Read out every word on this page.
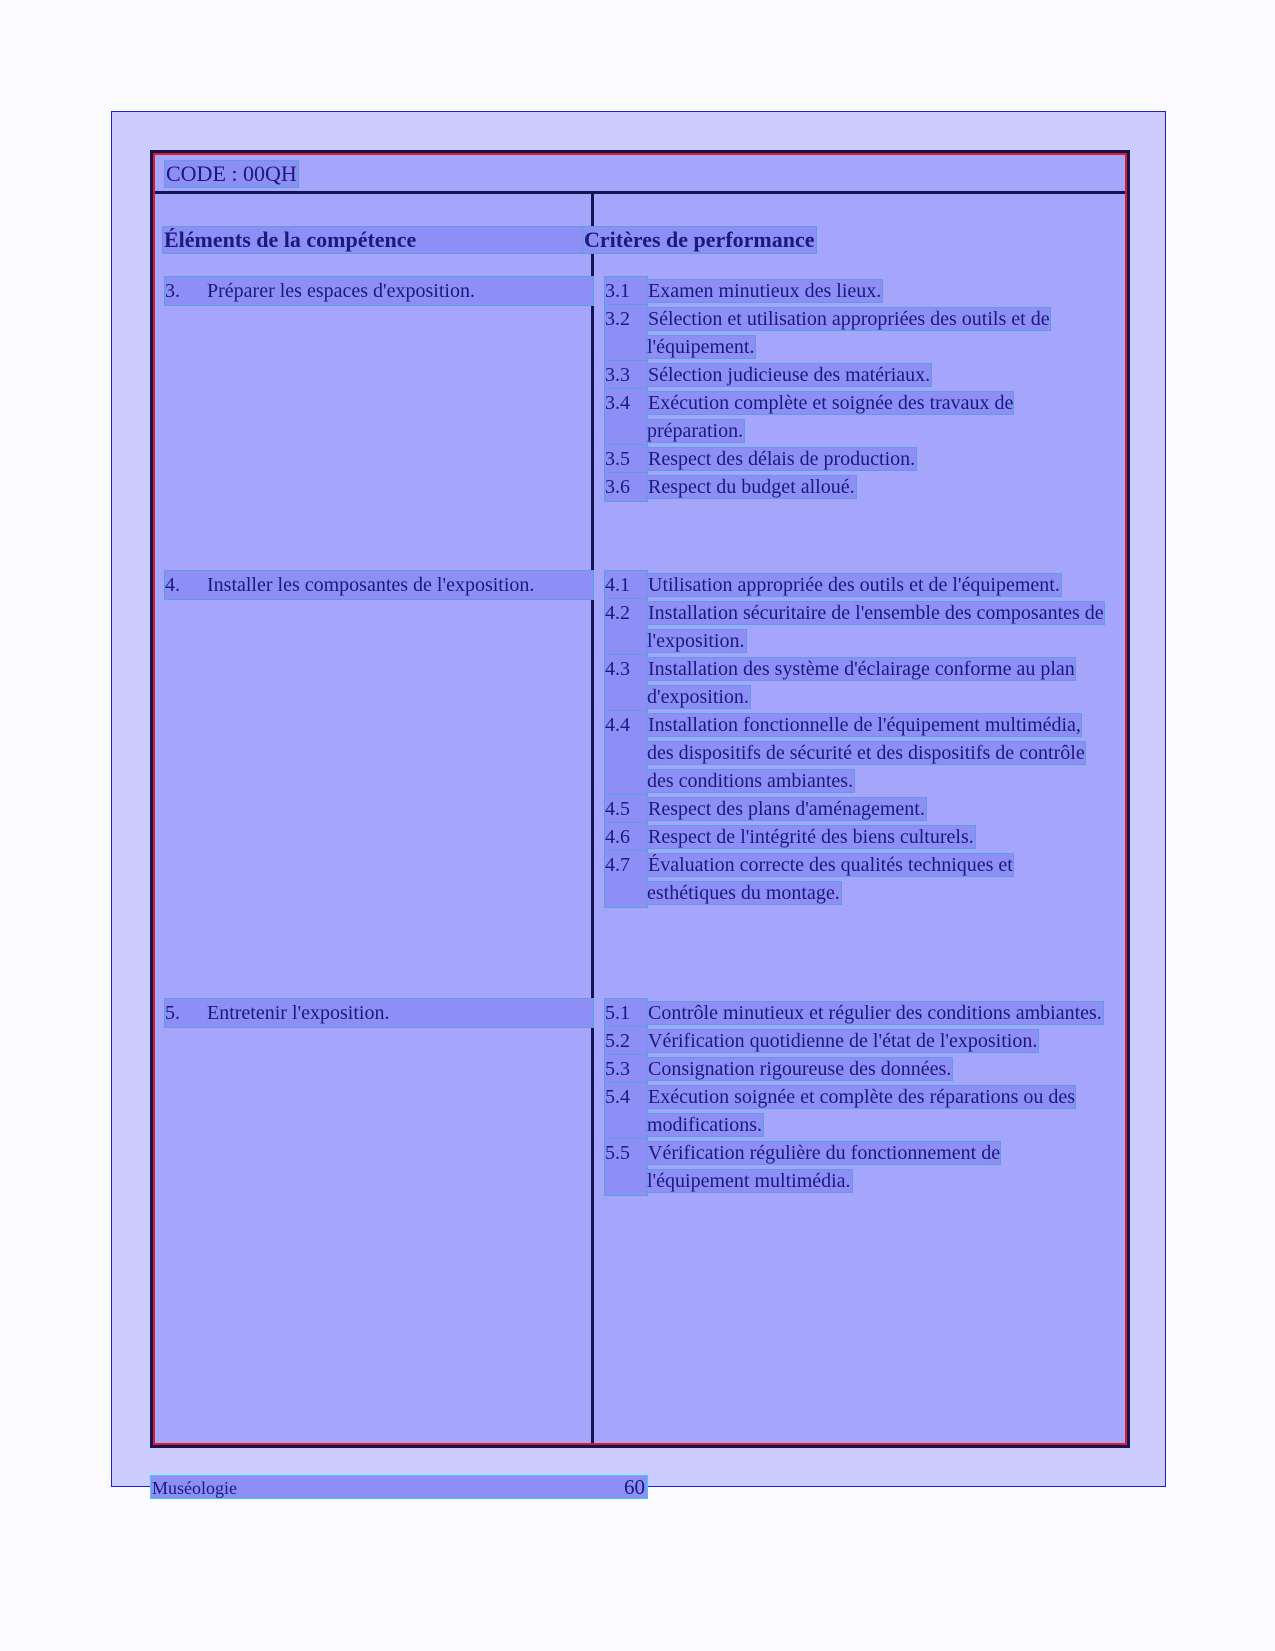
CODE : 00QH
Éléments de la compétence	Critères de performance
3. Préparer les espaces d'exposition.	3.1 Examen minutieux des lieux.
3.2 Sélection et utilisation appropriées des outils et de l'équipement.
3.3 Sélection judicieuse des matériaux.
3.4 Exécution complète et soignée des travaux de préparation.
3.5 Respect des délais de production.
3.6 Respect du budget alloué.
4. Installer les composantes de l'exposition.	4.1 Utilisation appropriée des outils et de l'équipement.
4.2 Installation sécuritaire de l'ensemble des composantes de l'exposition.
4.3 Installation des système d'éclairage conforme au plan d'exposition.
4.4 Installation fonctionnelle de l'équipement multimédia, des dispositifs de sécurité et des dispositifs de contrôle des conditions ambiantes.
4.5 Respect des plans d'aménagement.
4.6 Respect de l'intégrité des biens culturels.
4.7 Évaluation correcte des qualités techniques et esthétiques du montage.
5. Entretenir l'exposition.	5.1 Contrôle minutieux et régulier des conditions ambiantes.
5.2 Vérification quotidienne de l'état de l'exposition.
5.3 Consignation rigoureuse des données.
5.4 Exécution soignée et complète des réparations ou des modifications.
5.5 Vérification régulière du fonctionnement de l'équipement multimédia.
Muséologie	60
